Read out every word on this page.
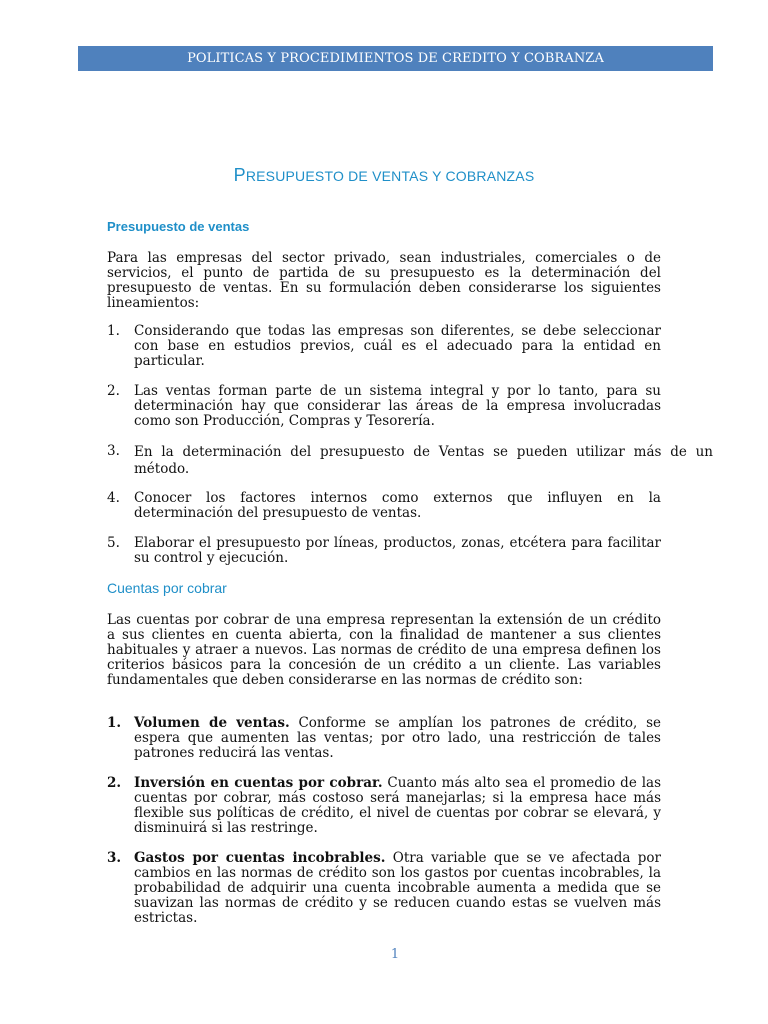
POLITICAS Y PROCEDIMIENTOS DE CREDITO Y COBRANZA
PRESUPUESTO DE VENTAS Y COBRANZAS
Presupuesto de ventas
Para las empresas del sector privado, sean industriales, comerciales o de servicios, el punto de partida de su presupuesto es la determinación del presupuesto de ventas. En su formulación deben considerarse los siguientes lineamientos:
1. Considerando que todas las empresas son diferentes, se debe seleccionar con base en estudios previos, cuál es el adecuado para la entidad en particular.
2. Las ventas forman parte de un sistema integral y por lo tanto, para su determinación hay que considerar las áreas de la empresa involucradas como son Producción, Compras y Tesorería.
3. En la determinación del presupuesto de Ventas se pueden utilizar más de un método.
4. Conocer los factores internos como externos que influyen en la determinación del presupuesto de ventas.
5. Elaborar el presupuesto por líneas, productos, zonas, etcétera para facilitar su control y ejecución.
Cuentas por cobrar
Las cuentas por cobrar de una empresa representan la extensión de un crédito a sus clientes en cuenta abierta, con la finalidad de mantener a sus clientes habituales y atraer a nuevos. Las normas de crédito de una empresa definen los criterios básicos para la concesión de un crédito a un cliente. Las variables fundamentales que deben considerarse en las normas de crédito son:
1. Volumen de ventas. Conforme se amplían los patrones de crédito, se espera que aumenten las ventas; por otro lado, una restricción de tales patrones reducirá las ventas.
2. Inversión en cuentas por cobrar. Cuanto más alto sea el promedio de las cuentas por cobrar, más costoso será manejarlas; si la empresa hace más flexible sus políticas de crédito, el nivel de cuentas por cobrar se elevará, y disminuirá si las restringe.
3. Gastos por cuentas incobrables. Otra variable que se ve afectada por cambios en las normas de crédito son los gastos por cuentas incobrables, la probabilidad de adquirir una cuenta incobrable aumenta a medida que se suavizan las normas de crédito y se reducen cuando estas se vuelven más estrictas.
1
